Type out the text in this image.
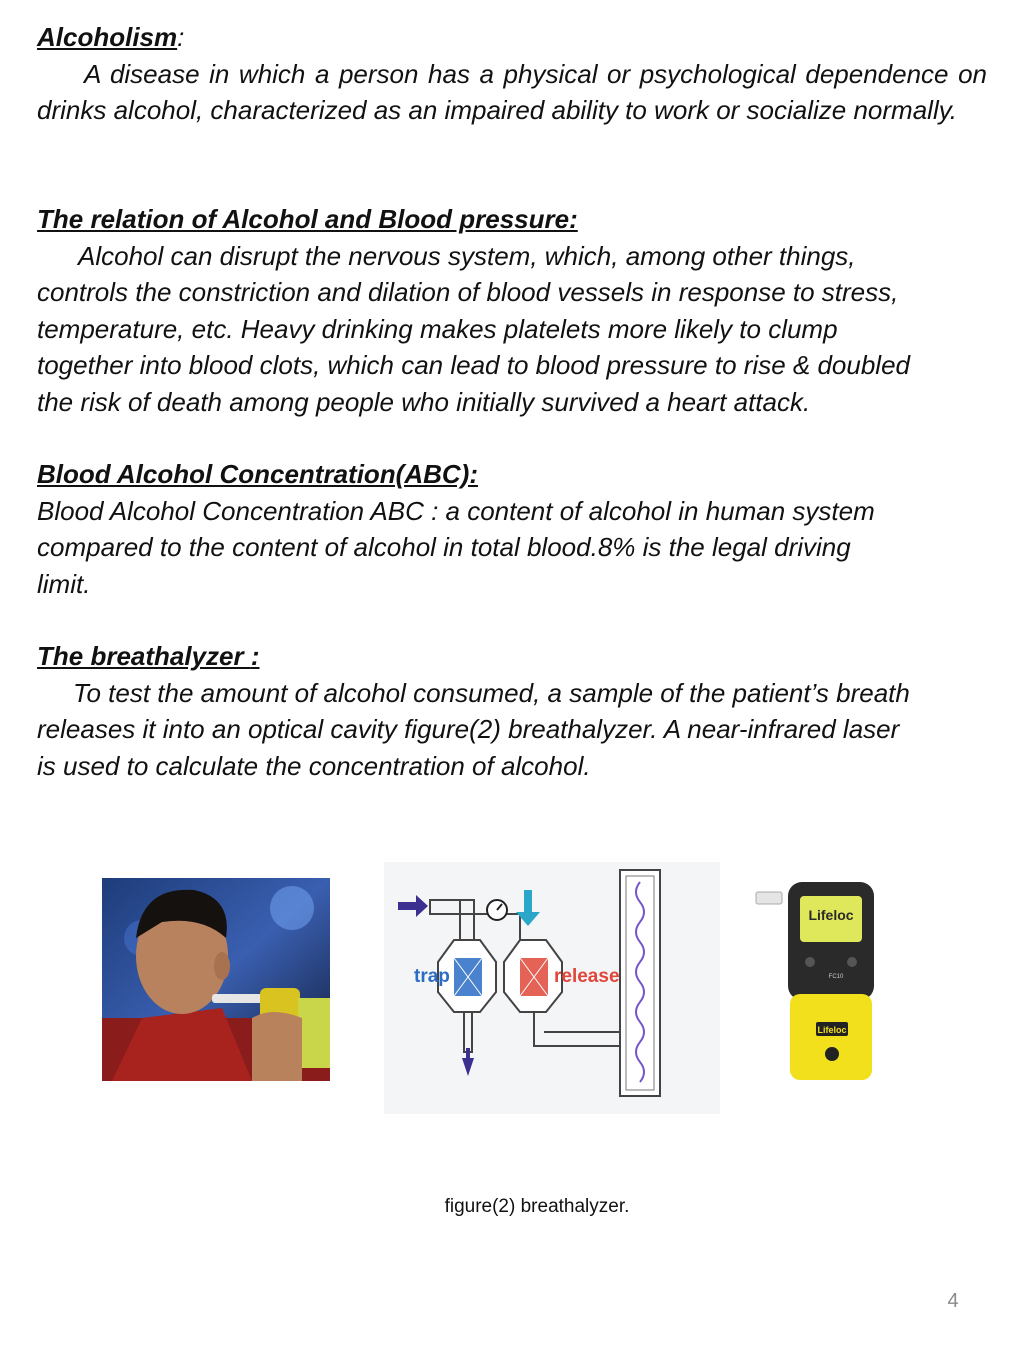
Alcoholism:
A disease in which a person has a physical or psychological dependence on drinks alcohol, characterized as an impaired ability to work or socialize normally.
The relation of Alcohol and Blood pressure:
Alcohol can disrupt the nervous system, which, among other things,
controls the constriction and dilation of blood vessels in response to stress,
temperature, etc. Heavy drinking makes platelets more likely to clump
together into blood clots, which can lead to blood pressure to rise & doubled
the risk of death among people who initially survived a heart attack.
Blood Alcohol Concentration(ABC):
Blood Alcohol Concentration ABC : a content of alcohol in human system
compared to the content of alcohol in total blood.8% is the legal driving
limit.
The breathalyzer :
To test the amount of alcohol consumed, a sample of the patient’s breath
releases it into an optical cavity figure(2) breathalyzer. A near-infrared laser
is used to calculate the concentration of alcohol.
trap	release
Lifeloc
FC10
Lifeloc
figure(2) breathalyzer.
4
